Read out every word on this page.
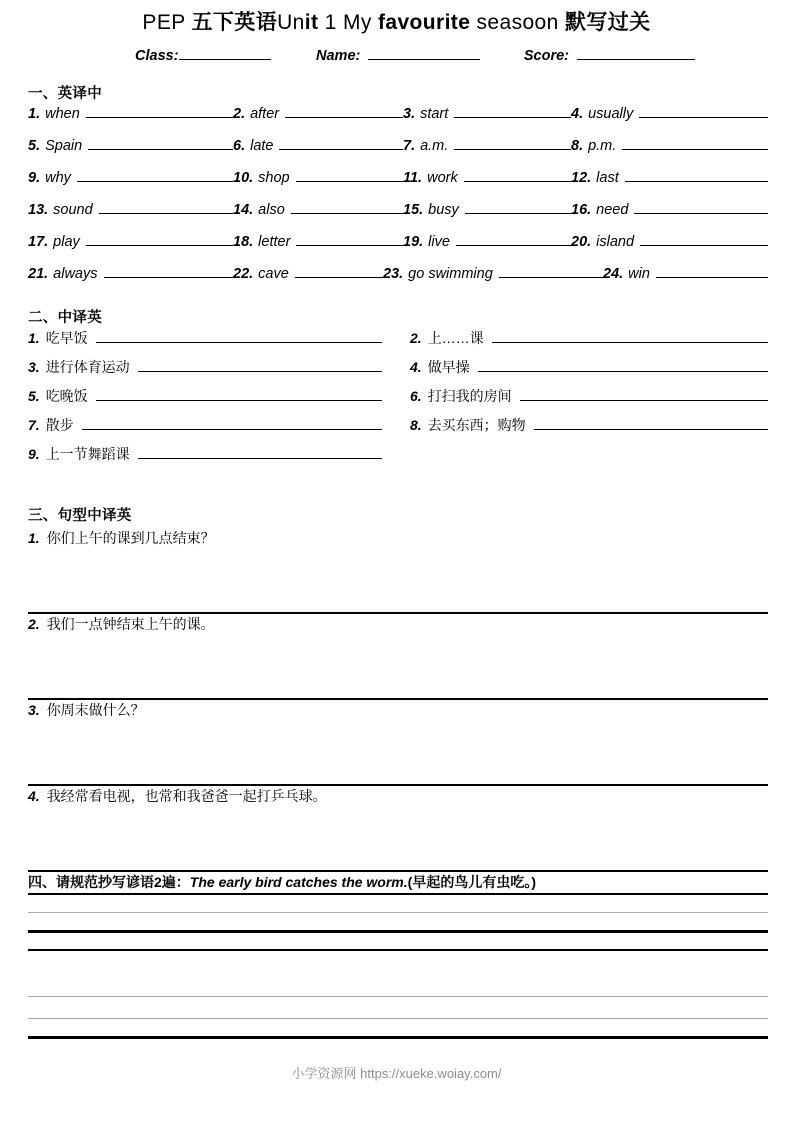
PEP 五下英语Unit 1 My favourite seasoon 默写过关
Class:	Name:	Score:
一、英译中
1. when	2. after	3. start	4. usually
5. Spain	6. late	7. a.m.	8. p.m.
9. why	10. shop	11. work	12. last
13. sound	14. also	15. busy	16. need
17. play	18. letter	19. live	20. island
21. always	22. cave	23. go swimming	24. win
二、中译英
1. 吃早饭	2. 上……课
3. 进行体育运动	4. 做早操
5. 吃晚饭	6. 打扫我的房间
7. 散步	8. 去买东西；购物
9. 上一节舞蹈课
三、句型中译英
1. 你们上午的课到几点结束？
2. 我们一点钟结束上午的课。
3. 你周末做什么？
4. 我经常看电视，也常和我爸爸一起打乒乓球。
四、请规范抄写谚语2遍：The early bird catches the worm.(早起的鸟儿有虫吃。)
小学资源网 https://xueke.woiay.com/
